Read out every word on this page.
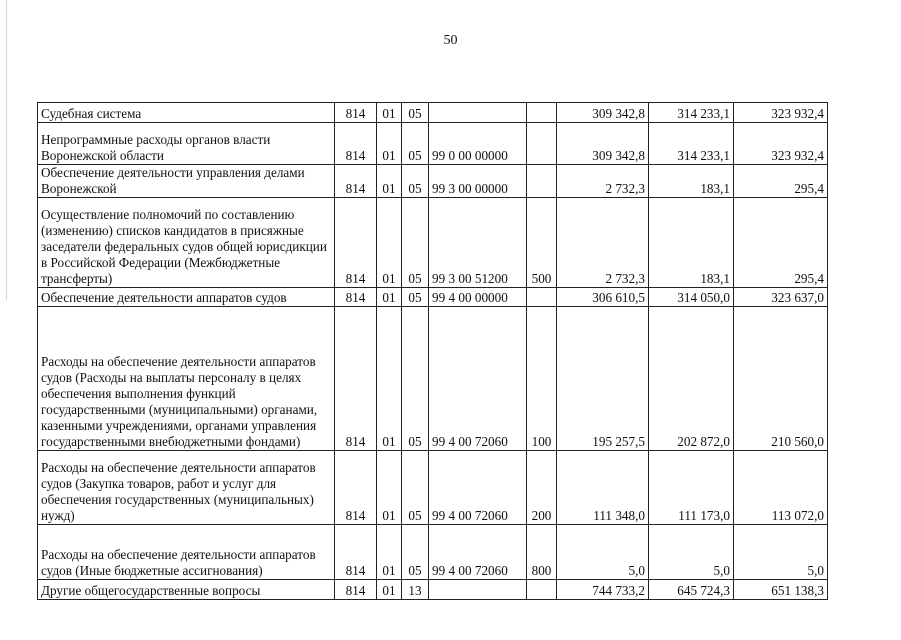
50
Судебная система	814	01	05			309 342,8	314 233,1	323 932,4
Непрограммные расходы органов власти Воронежской области	814	01	05	99 0 00 00000		309 342,8	314 233,1	323 932,4
Обеспечение деятельности управления делами Воронежской	814	01	05	99 3 00 00000		2 732,3	183,1	295,4
Осуществление полномочий по составлению (изменению) списков кандидатов в присяжные заседатели федеральных судов общей юрисдикции в Российской Федерации (Межбюджетные трансферты)	814	01	05	99 3 00 51200	500	2 732,3	183,1	295,4
Обеспечение деятельности аппаратов судов	814	01	05	99 4 00 00000		306 610,5	314 050,0	323 637,0
Расходы на обеспечение деятельности аппаратов судов (Расходы на выплаты персоналу в целях обеспечения выполнения функций государственными (муниципальными) органами, казенными учреждениями, органами управления государственными внебюджетными фондами)	814	01	05	99 4 00 72060	100	195 257,5	202 872,0	210 560,0
Расходы на обеспечение деятельности аппаратов судов (Закупка товаров, работ и услуг для обеспечения государственных (муниципальных) нужд)	814	01	05	99 4 00 72060	200	111 348,0	111 173,0	113 072,0
Расходы на обеспечение деятельности аппаратов судов (Иные бюджетные ассигнования)	814	01	05	99 4 00 72060	800	5,0	5,0	5,0
Другие общегосударственные вопросы	814	01	13			744 733,2	645 724,3	651 138,3
